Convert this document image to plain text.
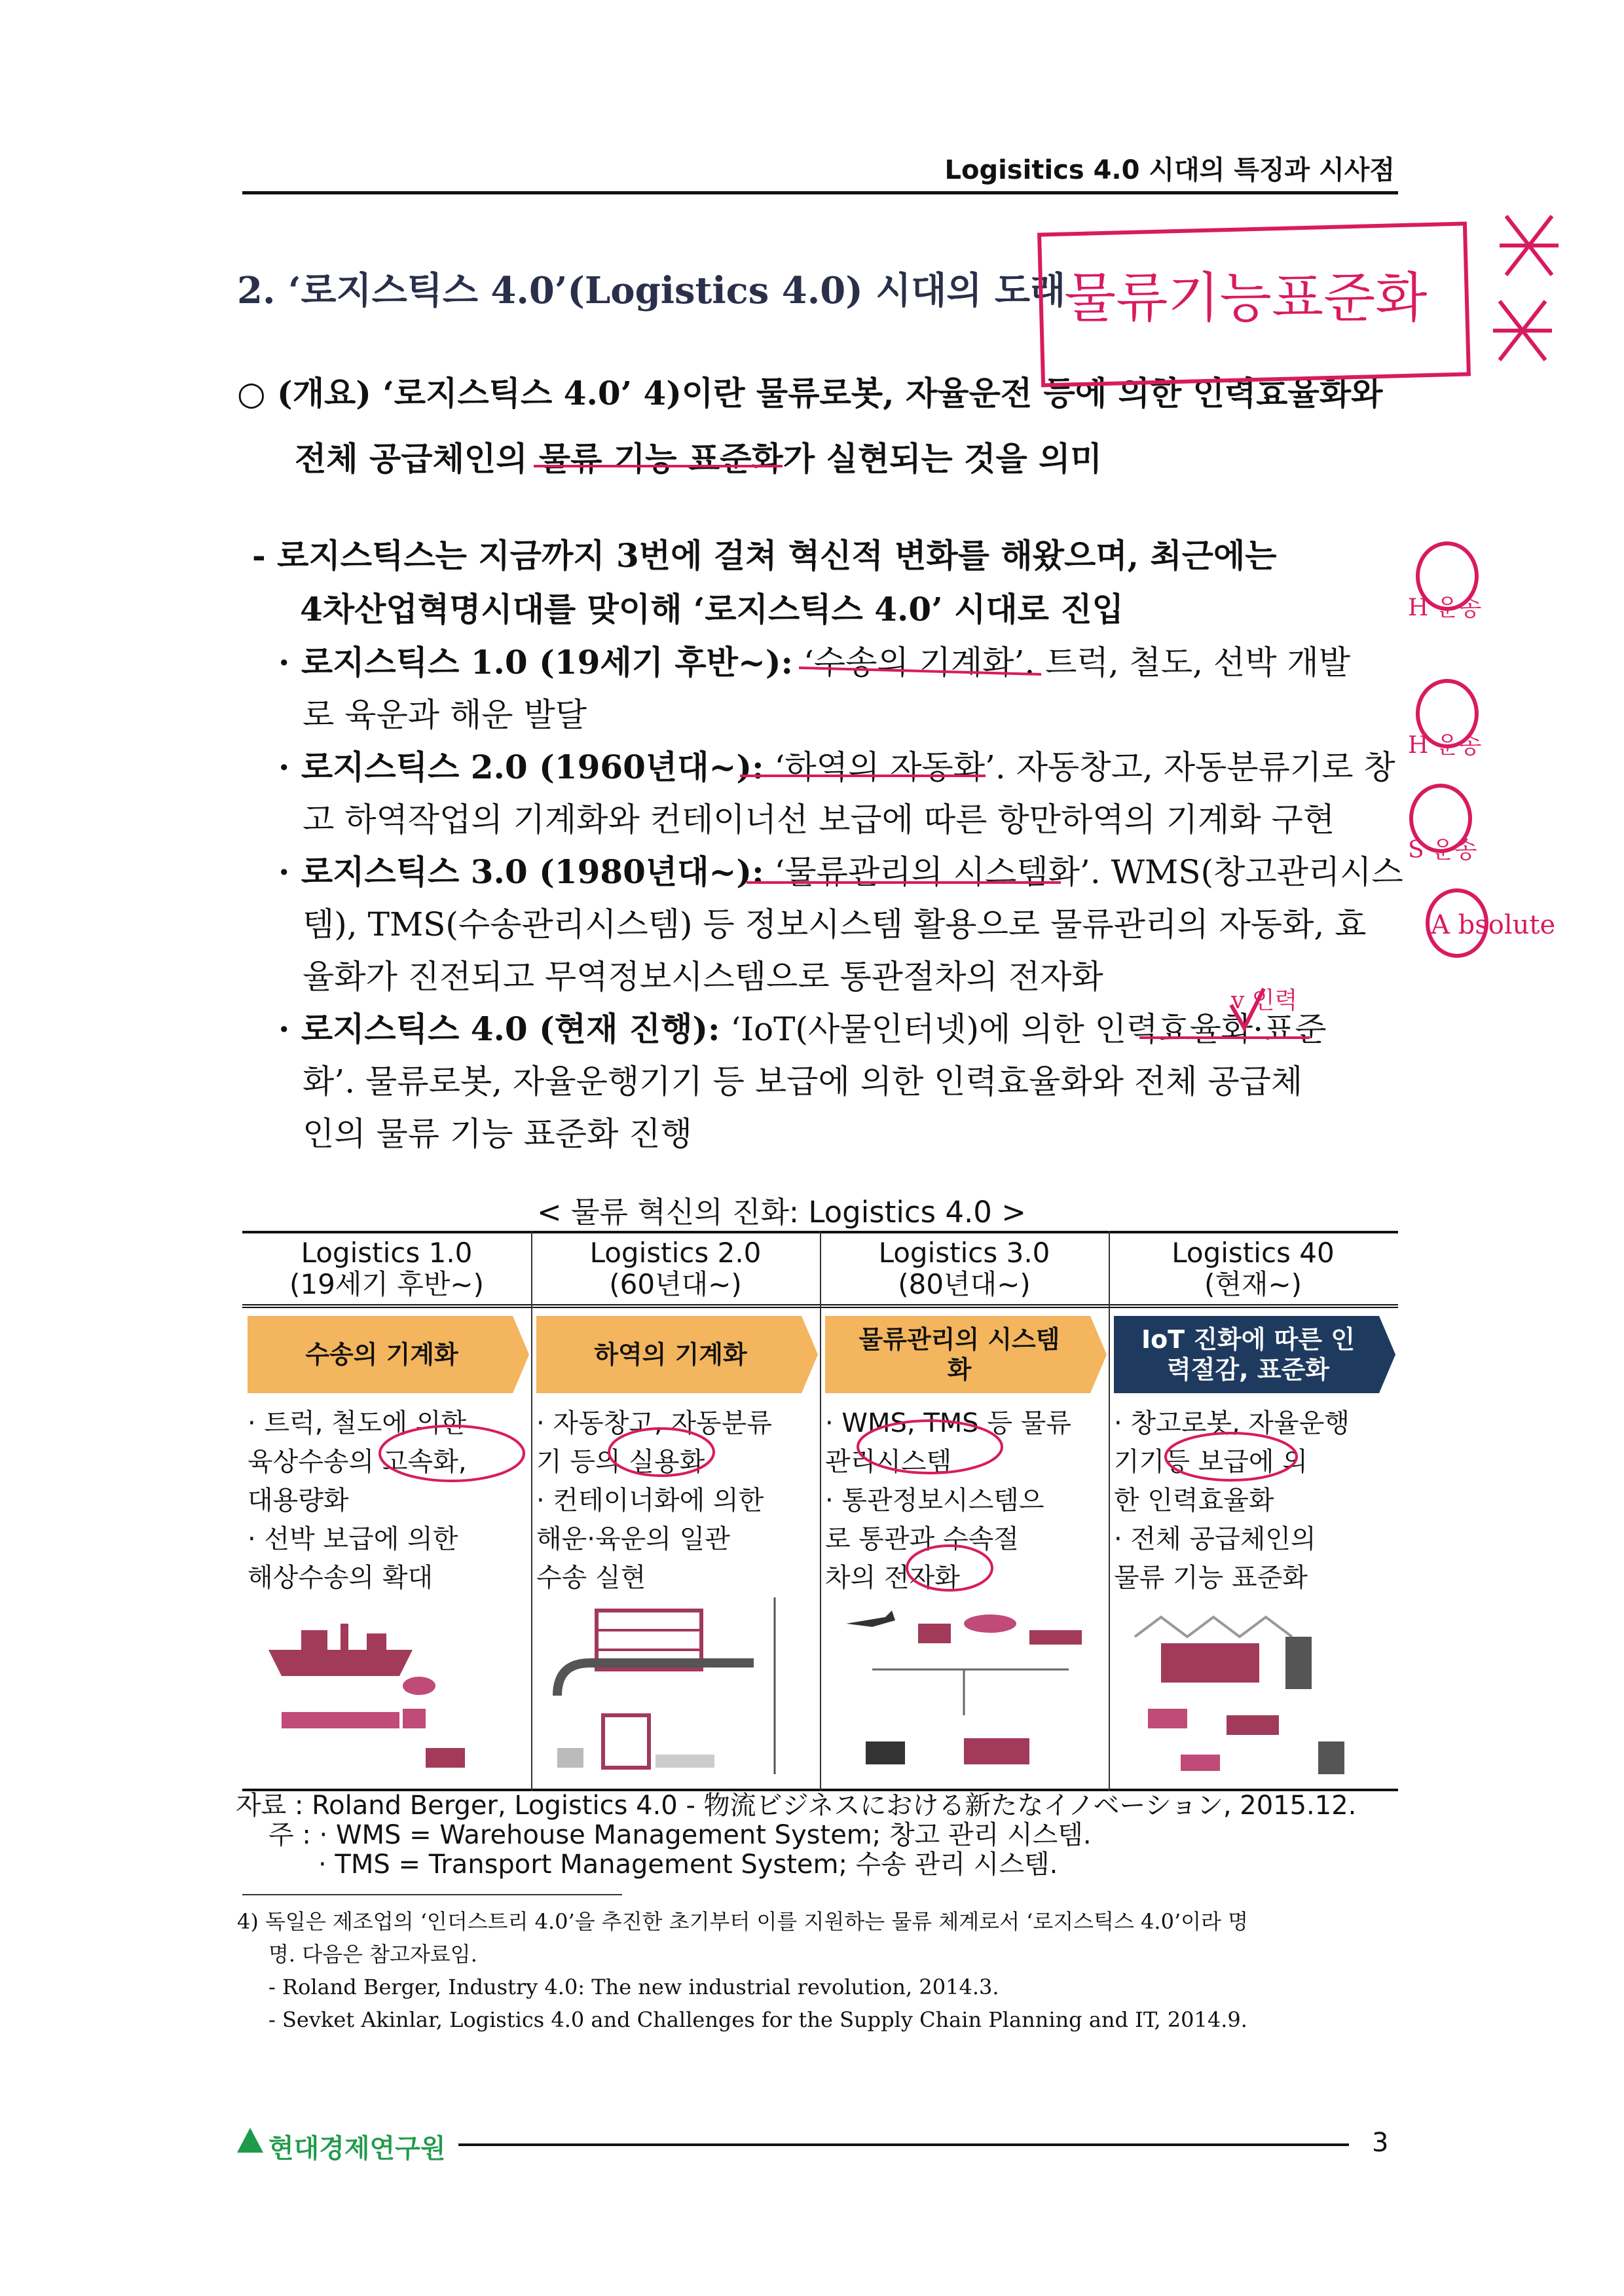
Logisitics 4.0 시대의 특징과 시사점
2. ‘로지스틱스 4.0’(Logistics 4.0) 시대의 도래
○ (개요) ‘로지스틱스 4.0’ 4)이란 물류로봇, 자율운전 등에 의한 인력효율화와
전체 공급체인의 물류 기능 표준화가 실현되는 것을 의미
- 로지스틱스는 지금까지 3번에 걸쳐 혁신적 변화를 해왔으며, 최근에는
4차산업혁명시대를 맞이해 ‘로지스틱스 4.0’ 시대로 진입
· 로지스틱스 1.0 (19세기 후반~): ‘수송의 기계화’. 트럭, 철도, 선박 개발
로 육운과 해운 발달
· 로지스틱스 2.0 (1960년대~): ‘하역의 자동화’. 자동창고, 자동분류기로 창
고 하역작업의 기계화와 컨테이너선 보급에 따른 항만하역의 기계화 구현
· 로지스틱스 3.0 (1980년대~): ‘물류관리의 시스템화’. WMS(창고관리시스
템), TMS(수송관리시스템) 등 정보시스템 활용으로 물류관리의 자동화, 효
율화가 진전되고 무역정보시스템으로 통관절차의 전자화
· 로지스틱스 4.0 (현재 진행): ‘IoT(사물인터넷)에 의한 인력효율화·표준
화’. 물류로봇, 자율운행기기 등 보급에 의한 인력효율화와 전체 공급체
인의 물류 기능 표준화 진행
< 물류 혁신의 진화: Logistics 4.0 >
Logistics 1.0
(19세기 후반~)
수송의 기계화
· 트럭, 철도에 의한
육상수송의 고속화,
대용량화
· 선박 보급에 의한
해상수송의 확대
Logistics 2.0
(60년대~)
하역의 기계화
· 자동창고, 자동분류
기 등의 실용화
· 컨테이너화에 의한
해운·육운의 일관
수송 실현
Logistics 3.0
(80년대~)
물류관리의 시스템화
· WMS, TMS 등 물류
관리시스템
· 통관정보시스템으
로 통관과 수속절
차의 전자화
Logistics 40
(현재~)
IoT 진화에 따른 인력절감, 표준화
· 창고로봇, 자율운행
기기등 보급에 의
한 인력효율화
· 전체 공급체인의
물류 기능 표준화
자료 : Roland Berger, Logistics 4.0 - 物流ビジネスにおける新たなイノベーション, 2015.12.
주 : · WMS = Warehouse Management System; 창고 관리 시스템.
· TMS = Transport Management System; 수송 관리 시스템.
4) 독일은 제조업의 ‘인더스트리 4.0’을 추진한 초기부터 이를 지원하는 물류 체계로서 ‘로지스틱스 4.0’이라 명
명. 다음은 참고자료임.
- Roland Berger, Industry 4.0: The new industrial revolution, 2014.3.
- Sevket Akinlar, Logistics 4.0 and Challenges for the Supply Chain Planning and IT, 2014.9.
현대경제연구원	3
물류기능표준화
H 운송
H 운송
S 운송
A bsolute
v 인력
